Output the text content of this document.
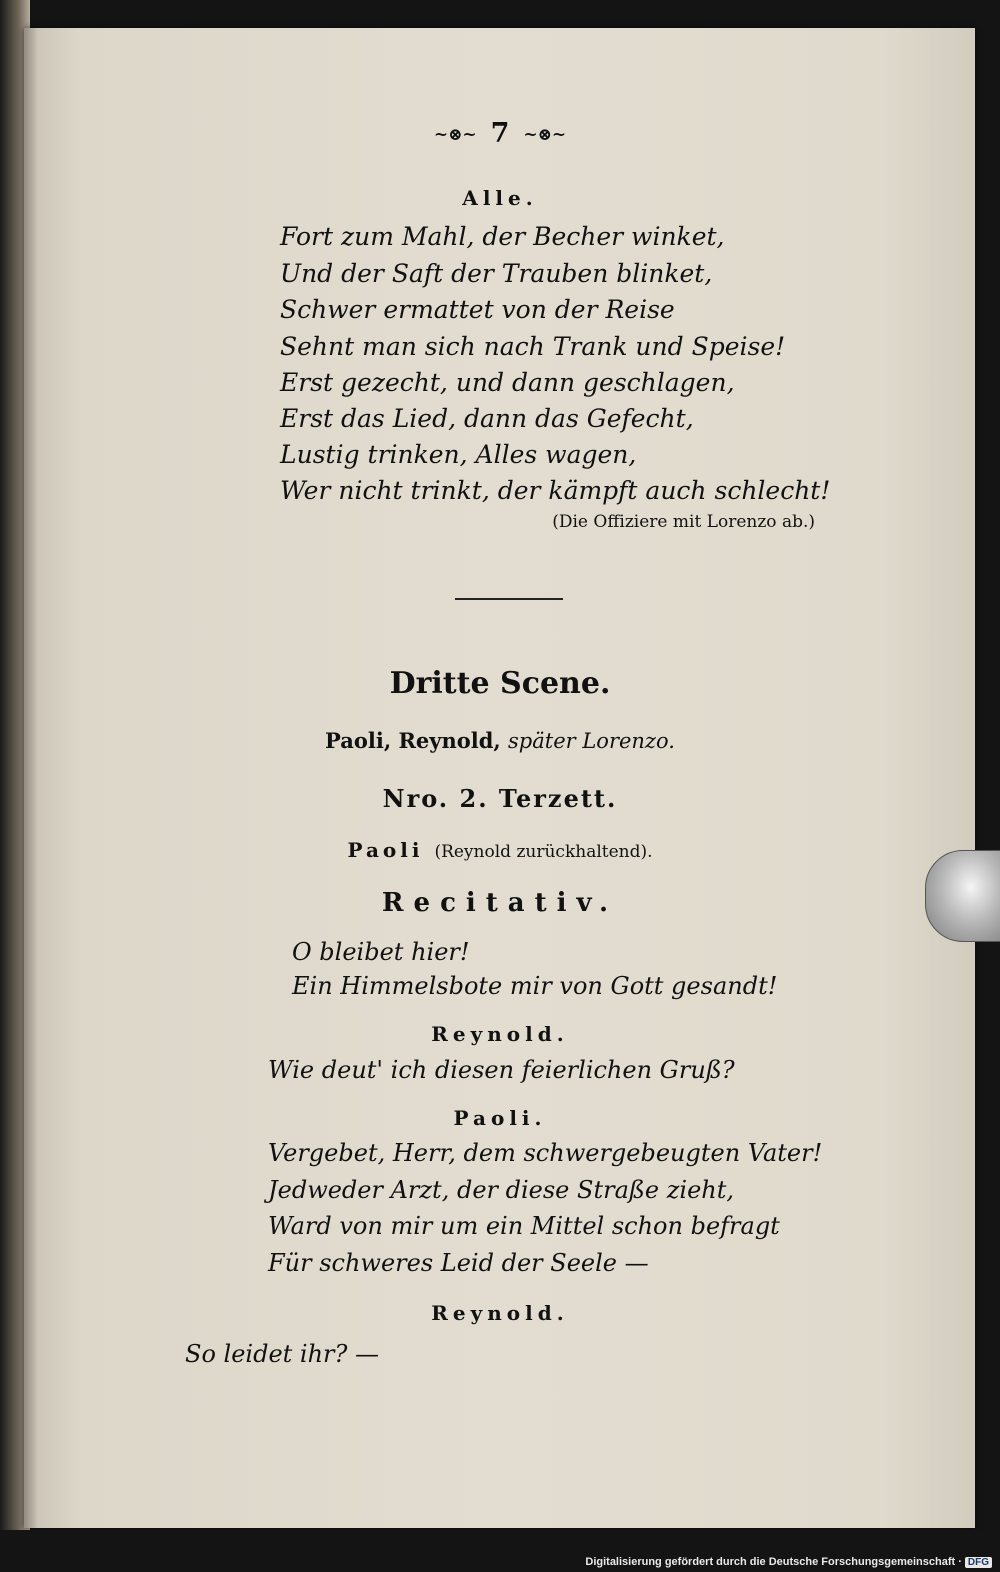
~⊗~ 7 ~⊗~
Alle.
Fort zum Mahl, der Becher winket,
Und der Saft der Trauben blinket,
Schwer ermattet von der Reise
Sehnt man sich nach Trank und Speise!
Erst gezecht, und dann geschlagen,
Erst das Lied, dann das Gefecht,
Lustig trinken, Alles wagen,
Wer nicht trinkt, der kämpft auch schlecht!
(Die Offiziere mit Lorenzo ab.)
Dritte Scene.
Paoli, Reynold, später Lorenzo.
Nro. 2. Terzett.
Paoli (Reynold zurückhaltend).
Recitativ.
O bleibet hier!
Ein Himmelsbote mir von Gott gesandt!
Reynold.
Wie deut' ich diesen feierlichen Gruß?
Paoli.
Vergebet, Herr, dem schwergebeugten Vater!
Jedweder Arzt, der diese Straße zieht,
Ward von mir um ein Mittel schon befragt
Für schweres Leid der Seele —
Reynold.
So leidet ihr? —
Digitalisierung gefördert durch die Deutsche Forschungsgemeinschaft · DFG
